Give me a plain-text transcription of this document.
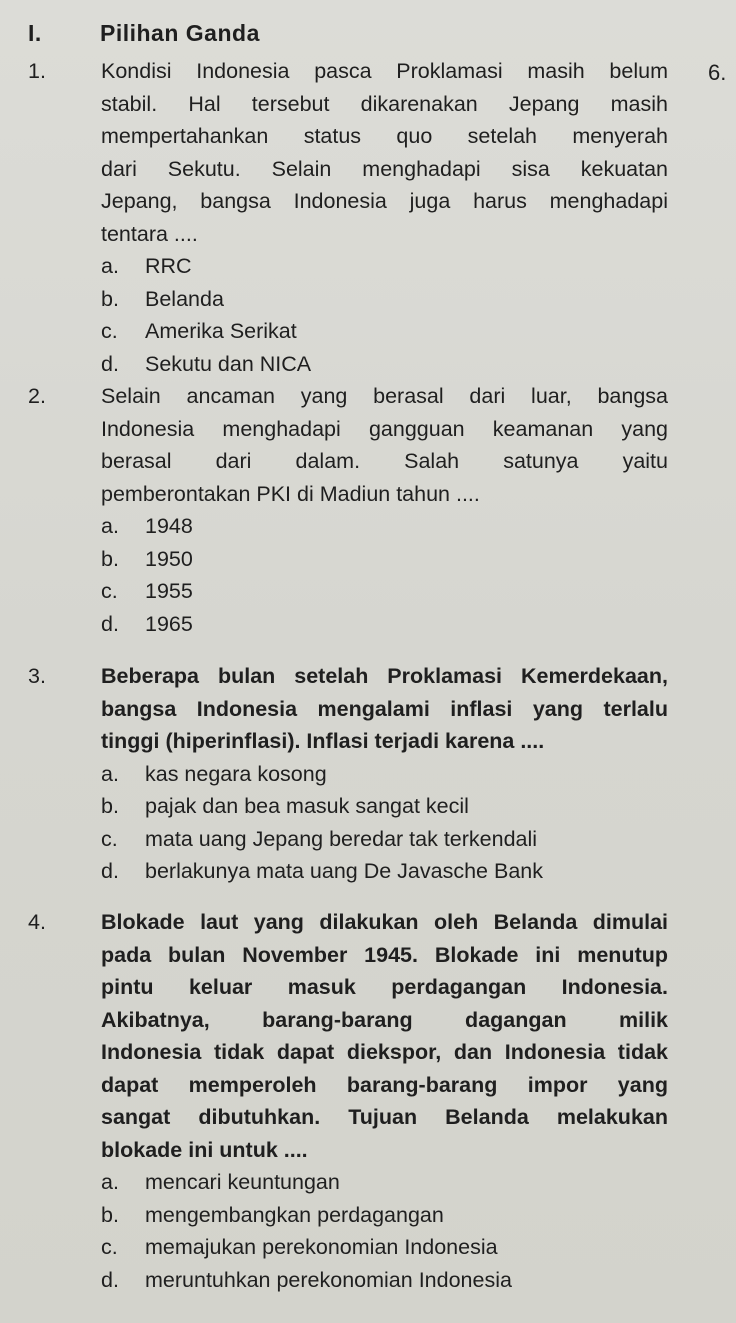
I.	Pilihan Ganda
6.
1.	Kondisi Indonesia pasca Proklamasi masih belum
stabil. Hal tersebut dikarenakan Jepang masih
mempertahankan status quo setelah menyerah
dari Sekutu. Selain menghadapi sisa kekuatan
Jepang, bangsa Indonesia juga harus menghadapi
tentara ....
a.	RRC
b.	Belanda
c.	Amerika Serikat
d.	Sekutu dan NICA
2.	Selain ancaman yang berasal dari luar, bangsa
Indonesia menghadapi gangguan keamanan yang
berasal dari dalam. Salah satunya yaitu
pemberontakan PKI di Madiun tahun ....
a.	1948
b.	1950
c.	1955
d.	1965
3.	Beberapa bulan setelah Proklamasi Kemerdekaan,
bangsa Indonesia mengalami inflasi yang terlalu
tinggi (hiperinflasi). Inflasi terjadi karena ....
a.	kas negara kosong
b.	pajak dan bea masuk sangat kecil
c.	mata uang Jepang beredar tak terkendali
d.	berlakunya mata uang De Javasche Bank
4.	Blokade laut yang dilakukan oleh Belanda dimulai
pada bulan November 1945. Blokade ini menutup
pintu keluar masuk perdagangan Indonesia.
Akibatnya, barang-barang dagangan milik
Indonesia tidak dapat diekspor, dan Indonesia tidak
dapat memperoleh barang-barang impor yang
sangat dibutuhkan. Tujuan Belanda melakukan
blokade ini untuk ....
a.	mencari keuntungan
b.	mengembangkan perdagangan
c.	memajukan perekonomian Indonesia
d.	meruntuhkan perekonomian Indonesia
